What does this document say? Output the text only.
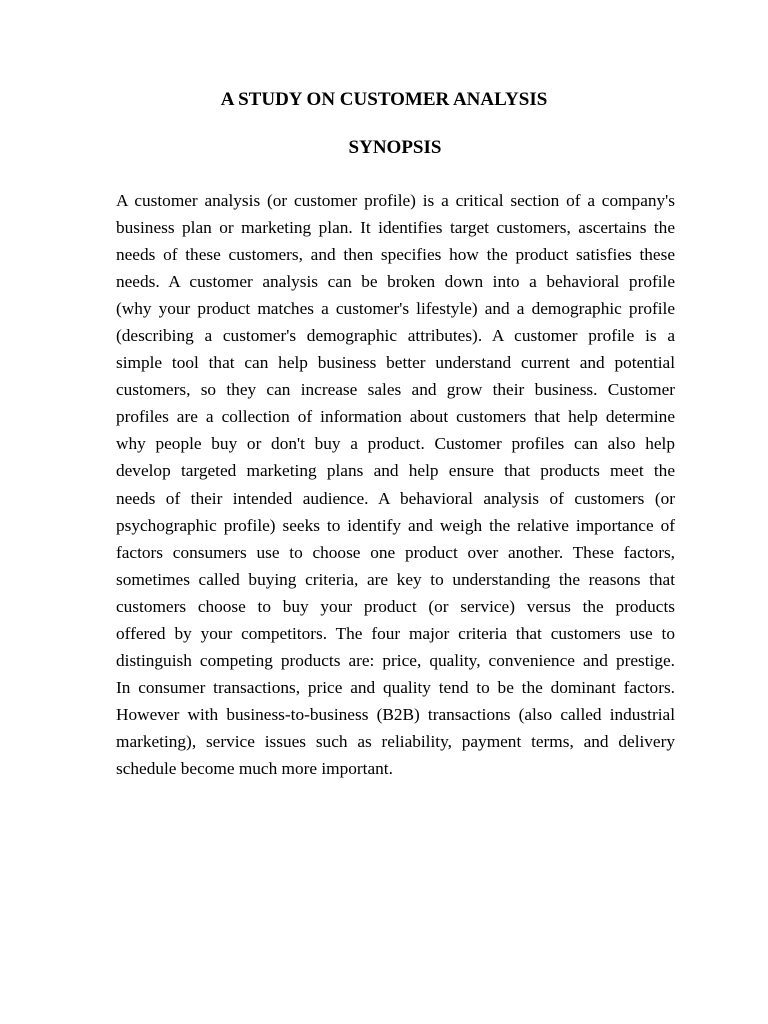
A STUDY ON CUSTOMER ANALYSIS
SYNOPSIS
A customer analysis (or customer profile) is a critical section of a company's
business plan or marketing plan. It identifies target customers, ascertains the
needs of these customers, and then specifies how the product satisfies these
needs. A customer analysis can be broken down into a behavioral profile
(why your product matches a customer's lifestyle) and a demographic profile
(describing a customer's demographic attributes). A customer profile is a
simple tool that can help business better understand current and potential
customers, so they can increase sales and grow their business. Customer
profiles are a collection of information about customers that help determine
why people buy or don't buy a product. Customer profiles can also help
develop targeted marketing plans and help ensure that products meet the
needs of their intended audience. A behavioral analysis of customers (or
psychographic profile) seeks to identify and weigh the relative importance of
factors consumers use to choose one product over another. These factors,
sometimes called buying criteria, are key to understanding the reasons that
customers choose to buy your product (or service) versus the products
offered by your competitors. The four major criteria that customers use to
distinguish competing products are: price, quality, convenience and prestige.
In consumer transactions, price and quality tend to be the dominant factors.
However with business-to-business (B2B) transactions (also called industrial
marketing), service issues such as reliability, payment terms, and delivery
schedule become much more important.
